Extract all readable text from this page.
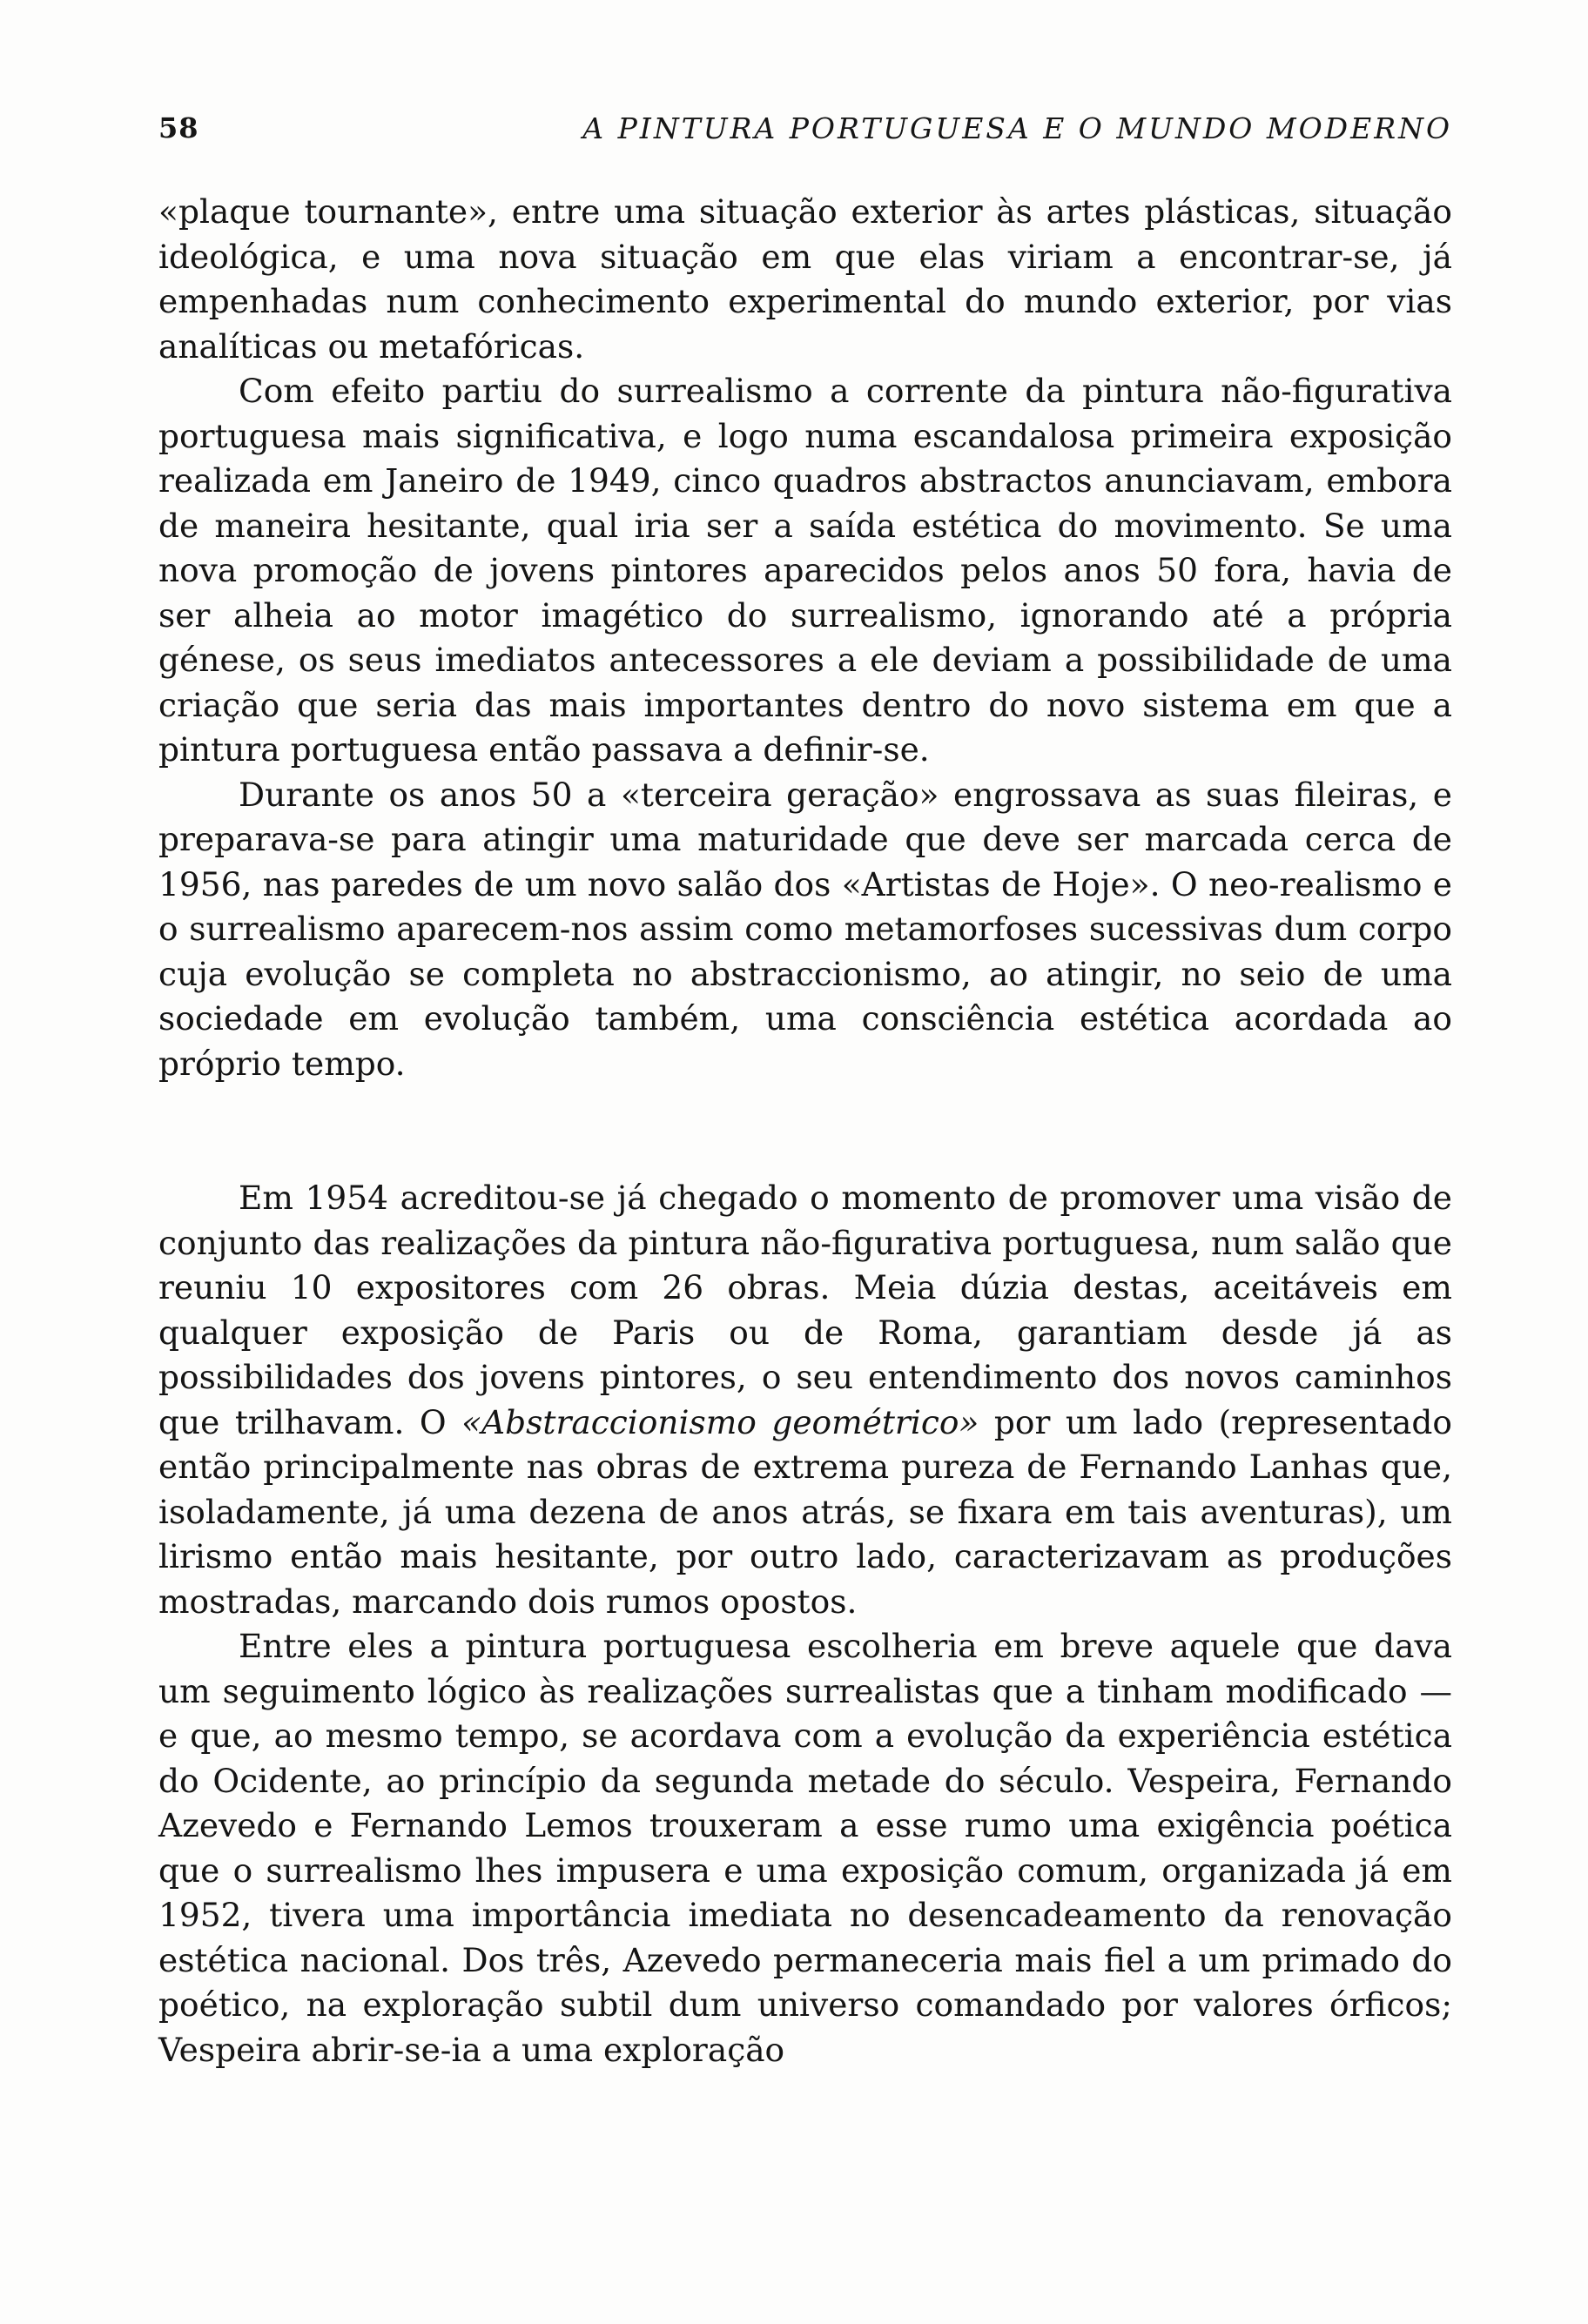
58	A PINTURA PORTUGUESA E O MUNDO MODERNO

«plaque tournante», entre uma situação exterior às artes plásticas, situação ideológica, e uma nova situação em que elas viriam a encontrar-se, já empenhadas num conhecimento experimental do mundo exterior, por vias analíticas ou metafóricas.

Com efeito partiu do surrealismo a corrente da pintura não-figurativa portuguesa mais significativa, e logo numa escandalosa primeira exposição realizada em Janeiro de 1949, cinco quadros abstractos anunciavam, embora de maneira hesitante, qual iria ser a saída estética do movimento. Se uma nova promoção de jovens pintores aparecidos pelos anos 50 fora, havia de ser alheia ao motor imagético do surrealismo, ignorando até a própria génese, os seus imediatos antecessores a ele deviam a possibilidade de uma criação que seria das mais importantes dentro do novo sistema em que a pintura portuguesa então passava a definir-se.

Durante os anos 50 a «terceira geração» engrossava as suas fileiras, e preparava-se para atingir uma maturidade que deve ser marcada cerca de 1956, nas paredes de um novo salão dos «Artistas de Hoje». O neo-realismo e o surrealismo aparecem-nos assim como metamorfoses sucessivas dum corpo cuja evolução se completa no abstraccionismo, ao atingir, no seio de uma sociedade em evolução também, uma consciência estética acordada ao próprio tempo.

Em 1954 acreditou-se já chegado o momento de promover uma visão de conjunto das realizações da pintura não-figurativa portuguesa, num salão que reuniu 10 expositores com 26 obras. Meia dúzia destas, aceitáveis em qualquer exposição de Paris ou de Roma, garantiam desde já as possibilidades dos jovens pintores, o seu entendimento dos novos caminhos que trilhavam. O «Abstraccionismo geométrico» por um lado (representado então principalmente nas obras de extrema pureza de Fernando Lanhas que, isoladamente, já uma dezena de anos atrás, se fixara em tais aventuras), um lirismo então mais hesitante, por outro lado, caracterizavam as produções mostradas, marcando dois rumos opostos.

Entre eles a pintura portuguesa escolheria em breve aquele que dava um seguimento lógico às realizações surrealistas que a tinham modificado — e que, ao mesmo tempo, se acordava com a evolução da experiência estética do Ocidente, ao princípio da segunda metade do século. Vespeira, Fernando Azevedo e Fernando Lemos trouxeram a esse rumo uma exigência poética que o surrealismo lhes impusera e uma exposição comum, organizada já em 1952, tivera uma importância imediata no desencadeamento da renovação estética nacional. Dos três, Azevedo permaneceria mais fiel a um primado do poético, na exploração subtil dum universo comandado por valores órficos; Vespeira abrir-se-ia a uma exploração
